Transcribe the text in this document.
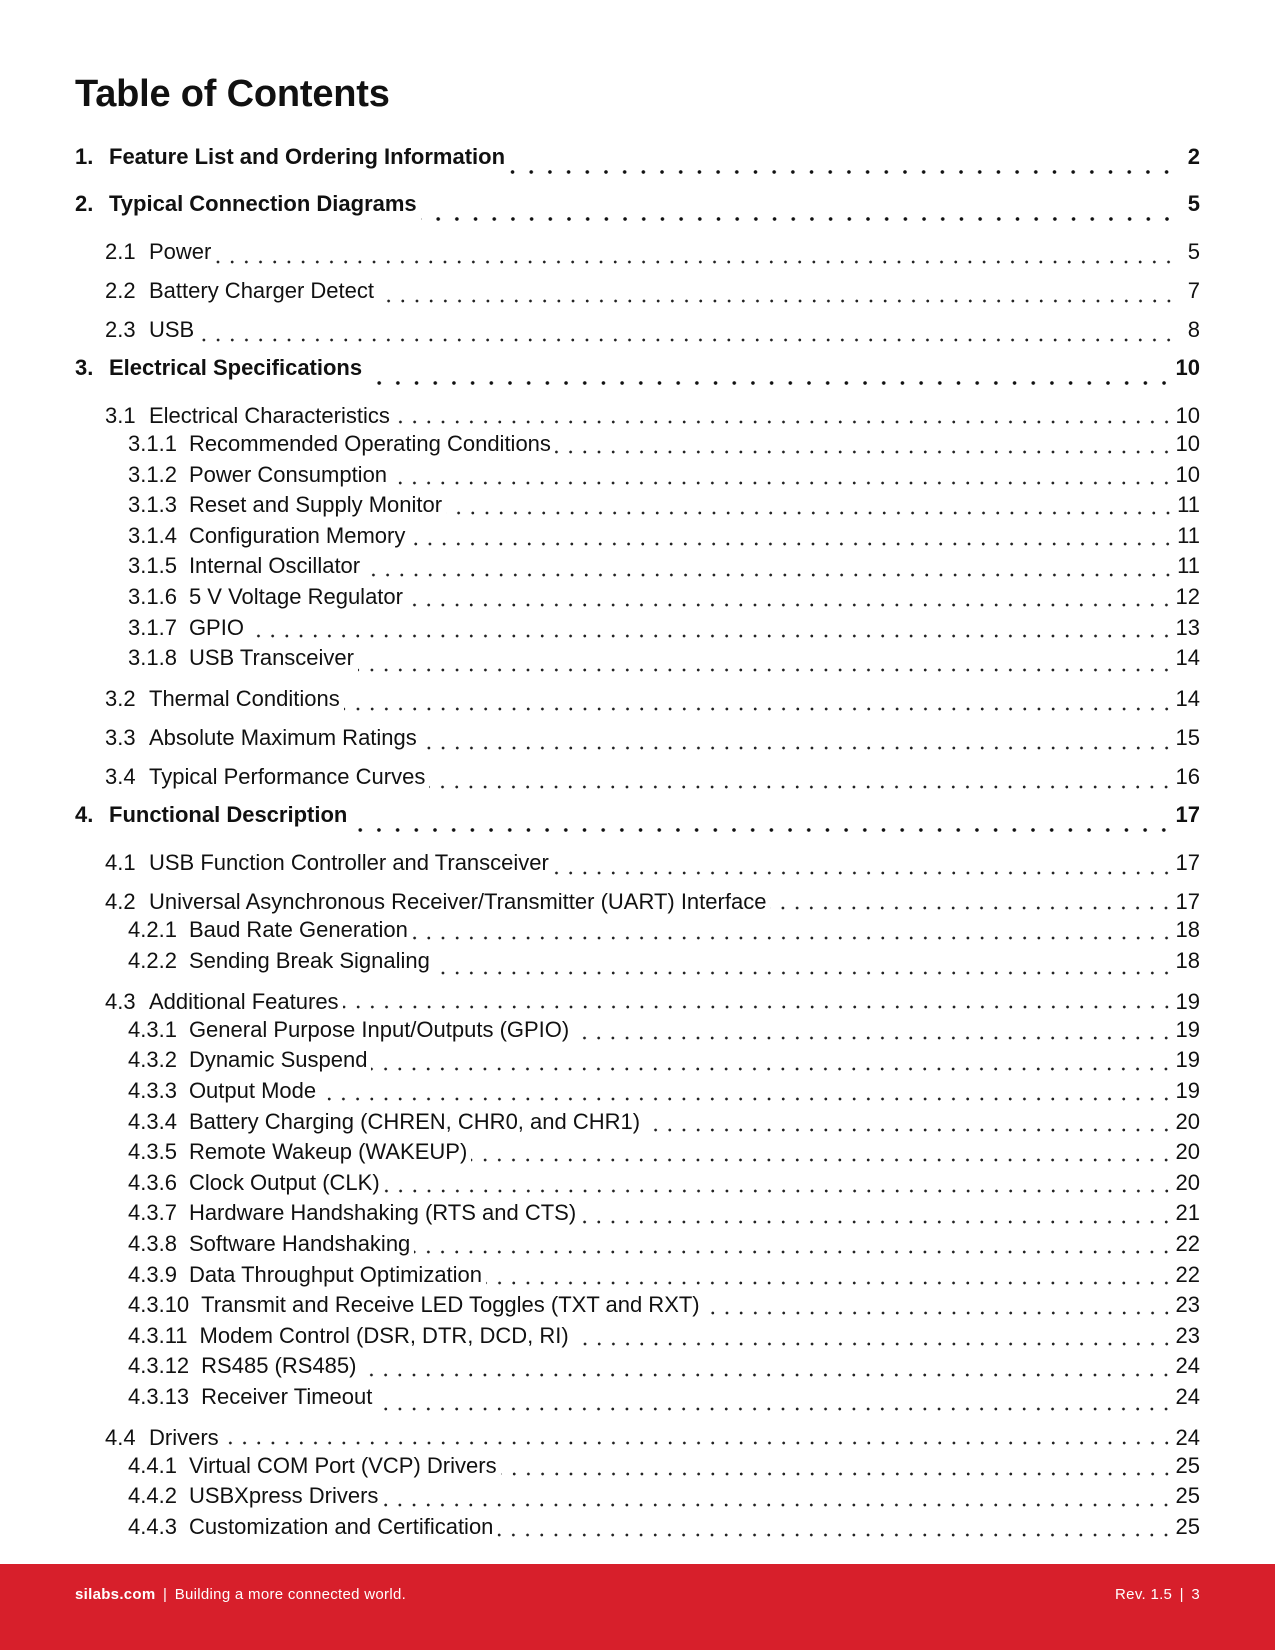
Table of Contents
1. Feature List and Ordering Information	2
2. Typical Connection Diagrams	5
2.1 Power	5
2.2 Battery Charger Detect	7
2.3 USB	8
3. Electrical Specifications	10
3.1 Electrical Characteristics	10
3.1.1 Recommended Operating Conditions	10
3.1.2 Power Consumption	10
3.1.3 Reset and Supply Monitor	11
3.1.4 Configuration Memory	11
3.1.5 Internal Oscillator	11
3.1.6 5 V Voltage Regulator	12
3.1.7 GPIO	13
3.1.8 USB Transceiver	14
3.2 Thermal Conditions	14
3.3 Absolute Maximum Ratings	15
3.4 Typical Performance Curves	16
4. Functional Description	17
4.1 USB Function Controller and Transceiver	17
4.2 Universal Asynchronous Receiver/Transmitter (UART) Interface	17
4.2.1 Baud Rate Generation	18
4.2.2 Sending Break Signaling	18
4.3 Additional Features	19
4.3.1 General Purpose Input/Outputs (GPIO)	19
4.3.2 Dynamic Suspend	19
4.3.3 Output Mode	19
4.3.4 Battery Charging (CHREN, CHR0, and CHR1)	20
4.3.5 Remote Wakeup (WAKEUP)	20
4.3.6 Clock Output (CLK)	20
4.3.7 Hardware Handshaking (RTS and CTS)	21
4.3.8 Software Handshaking	22
4.3.9 Data Throughput Optimization	22
4.3.10 Transmit and Receive LED Toggles (TXT and RXT)	23
4.3.11 Modem Control (DSR, DTR, DCD, RI)	23
4.3.12 RS485 (RS485)	24
4.3.13 Receiver Timeout	24
4.4 Drivers	24
4.4.1 Virtual COM Port (VCP) Drivers	25
4.4.2 USBXpress Drivers	25
4.4.3 Customization and Certification	25
silabs.com | Building a more connected world.	Rev. 1.5 | 3
